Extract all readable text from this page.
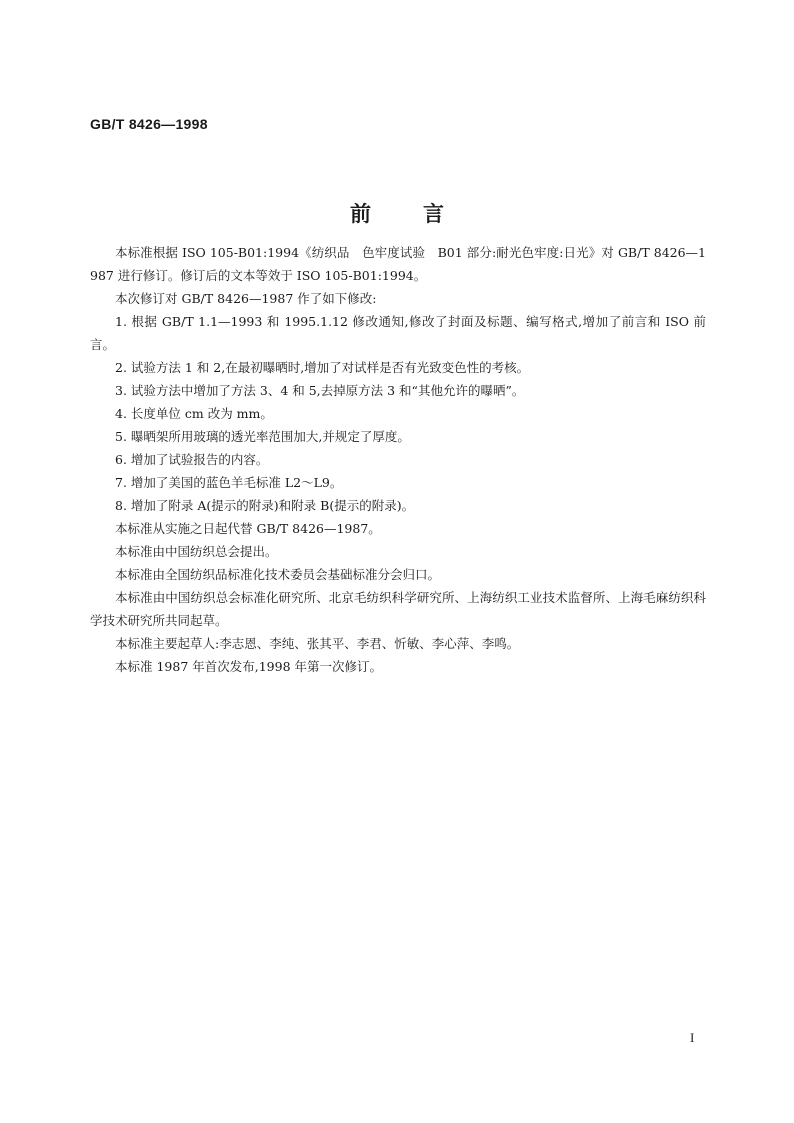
GB/T 8426—1998
前 言

本标准根据 ISO 105-B01:1994《纺织品　色牢度试验　B01 部分:耐光色牢度:日光》对 GB/T 8426—1987 进行修订。修订后的文本等效于 ISO 105-B01:1994。

本次修订对 GB/T 8426—1987 作了如下修改:

1. 根据 GB/T 1.1—1993 和 1995.1.12 修改通知,修改了封面及标题、编写格式,增加了前言和 ISO 前言。

2. 试验方法 1 和 2,在最初曝晒时,增加了对试样是否有光致变色性的考核。

3. 试验方法中增加了方法 3、4 和 5,去掉原方法 3 和“其他允许的曝晒”。

4. 长度单位 cm 改为 mm。

5. 曝晒架所用玻璃的透光率范围加大,并规定了厚度。

6. 增加了试验报告的内容。

7. 增加了美国的蓝色羊毛标准 L2～L9。

8. 增加了附录 A(提示的附录)和附录 B(提示的附录)。

本标准从实施之日起代替 GB/T 8426—1987。

本标准由中国纺织总会提出。

本标准由全国纺织品标准化技术委员会基础标准分会归口。

本标准由中国纺织总会标准化研究所、北京毛纺织科学研究所、上海纺织工业技术监督所、上海毛麻纺织科学技术研究所共同起草。

本标准主要起草人:李志恩、李纯、张其平、李君、忻敏、李心萍、李鸣。

本标准 1987 年首次发布,1998 年第一次修订。

I
